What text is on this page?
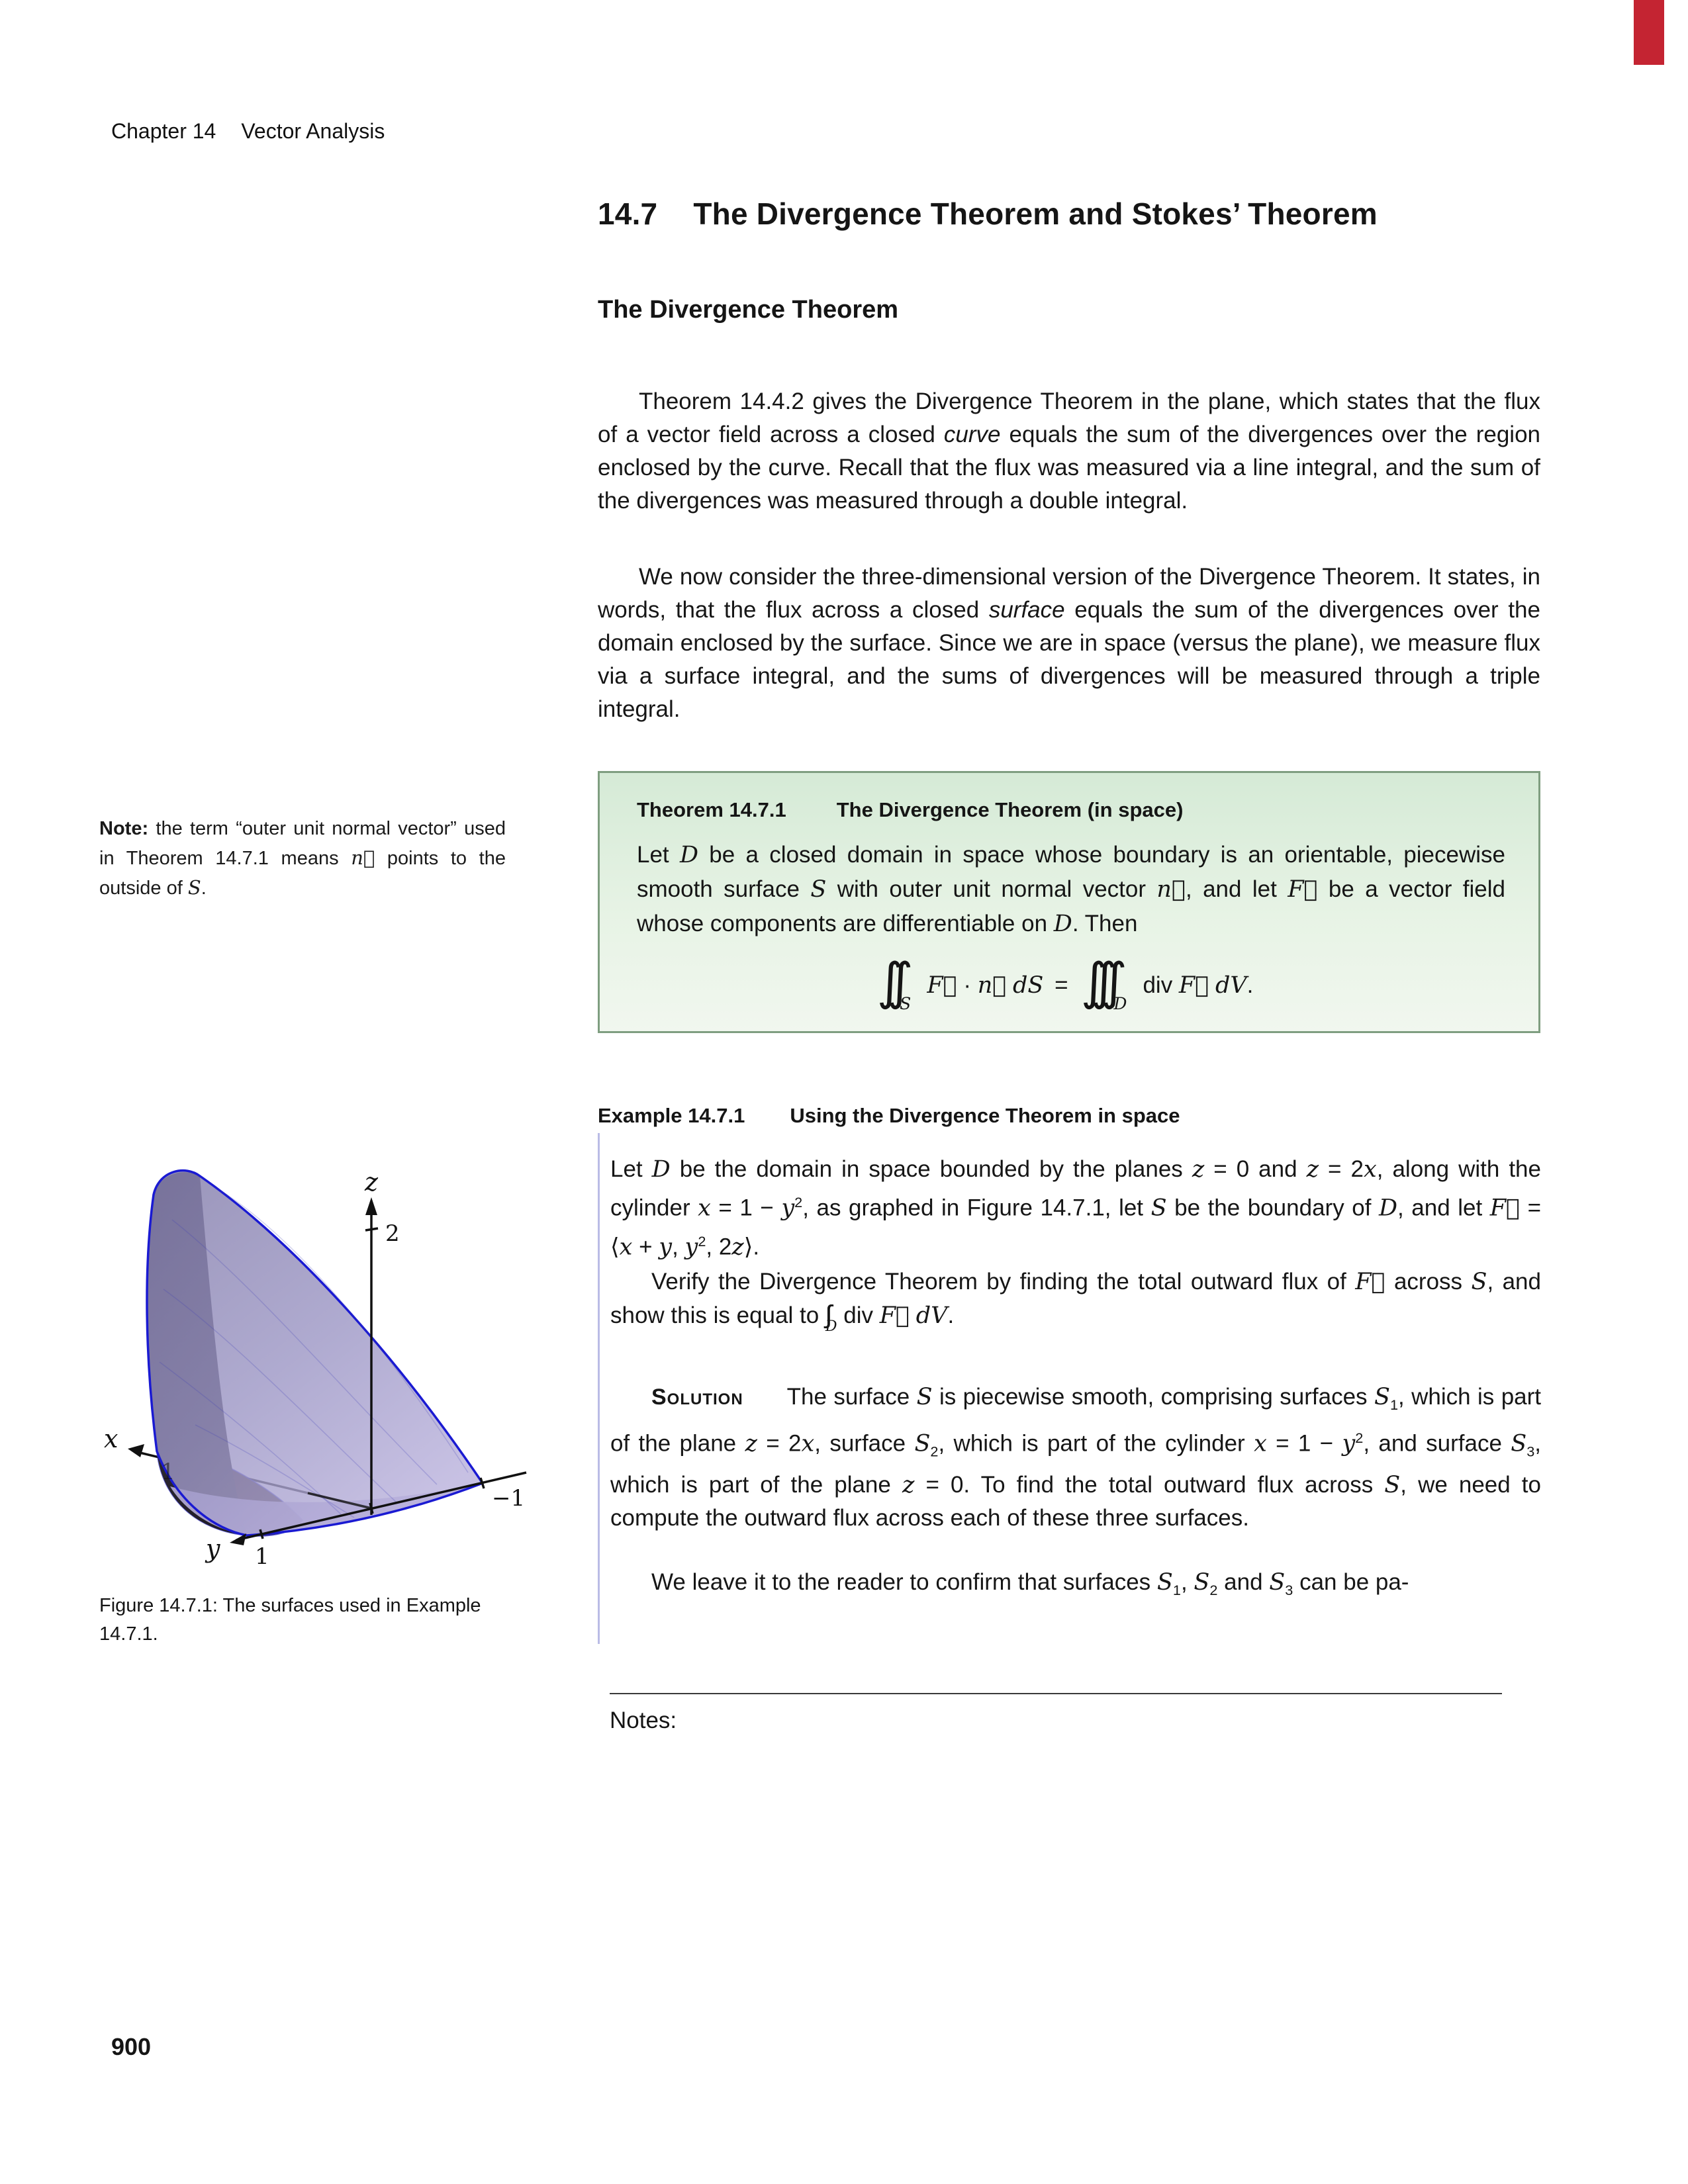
Chapter 14 Vector Analysis
14.7 The Divergence Theorem and Stokes’ Theorem
The Divergence Theorem

Theorem 14.4.2 gives the Divergence Theorem in the plane, which states that the flux of a vector field across a closed curve equals the sum of the divergences over the region enclosed by the curve. Recall that the flux was measured via a line integral, and the sum of the divergences was measured through a double integral.

We now consider the three-dimensional version of the Divergence Theorem. It states, in words, that the flux across a closed surface equals the sum of the divergences over the domain enclosed by the surface. Since we are in space (versus the plane), we measure flux via a surface integral, and the sums of divergences will be measured through a triple integral.

Note: the term “outer unit normal vector” used in Theorem 14.7.1 means n⃗ points to the outside of S.
Theorem 14.7.1 The Divergence Theorem (in space)

Let D be a closed domain in space whose boundary is an orientable, piecewise smooth surface S with outer unit normal vector n⃗, and let F⃗ be a vector field whose components are differentiable on D. Then

∫∫ S
F⃗ · n⃗ dS  =  ∫∫∫ D
div F⃗ dV.
Example 14.7.1 Using the Divergence Theorem in space

Let D be the domain in space bounded by the planes z = 0 and z = 2x, along with the cylinder $x = 1 - y^2$, as graphed in Figure 14.7.1, let S be the boundary of D, and let F⃗ = ⟨x + y, $y^2$, 2z⟩.

Verify the Divergence Theorem by finding the total outward flux of F⃗ across S, and show this is equal to $_D$ div F⃗ dV.

Solution The surface S is piecewise smooth, comprising surfaces $S_1$, which is part of the plane z = 2x, surface $S_2$, which is part of the cylinder $x = 1 - y^2$, and surface $S_3$, which is part of the plane z = 0. To find the total outward flux across S, we need to compute the outward flux across each of these three surfaces.

We leave it to the reader to confirm that surfaces $S_1$, $S_2$ and $S_3$ can be pa-

1
y 1
−1
x
z
2
Figure 14.7.1: The surfaces used in Example 14.7.1.
Notes:
900
